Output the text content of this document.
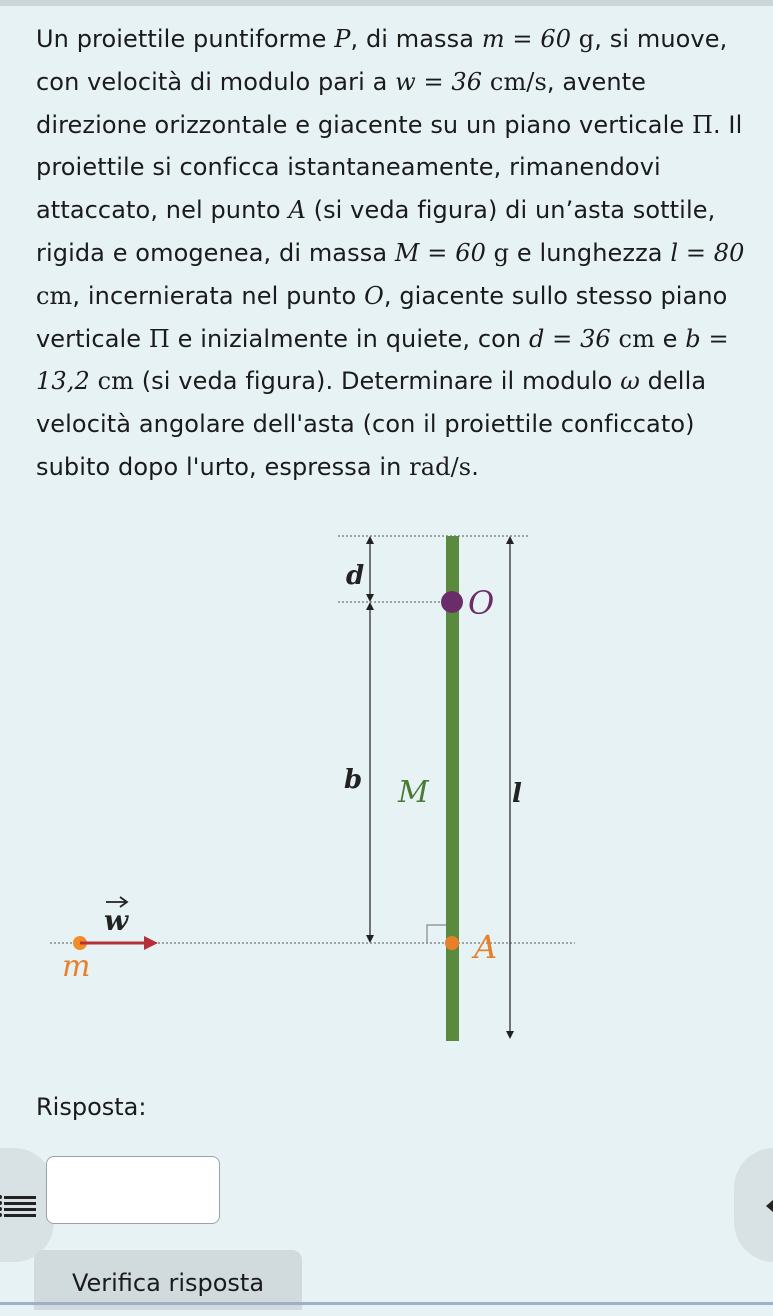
Un proiettile puntiforme P, di massa m = 60 g, si muove, con velocità di modulo pari a w = 36 cm/s, avente direzione orizzontale e giacente su un piano verticale Π. Il proiettile si conficca istantaneamente, rimanendovi attaccato, nel punto A (si veda figura) di un’asta sottile, rigida e omogenea, di massa M = 60 g e lunghezza l = 80 cm, incernierata nel punto O, giacente sullo stesso piano verticale Π e inizialmente in quiete, con d = 36 cm e b = 13,2 cm (si veda figura). Determinare il modulo ω della velocità angolare dell'asta (con il proiettile conficcato) subito dopo l'urto, espressa in rad/s.
d
b	l
M
O
A
w
m
Risposta:
Verifica risposta
